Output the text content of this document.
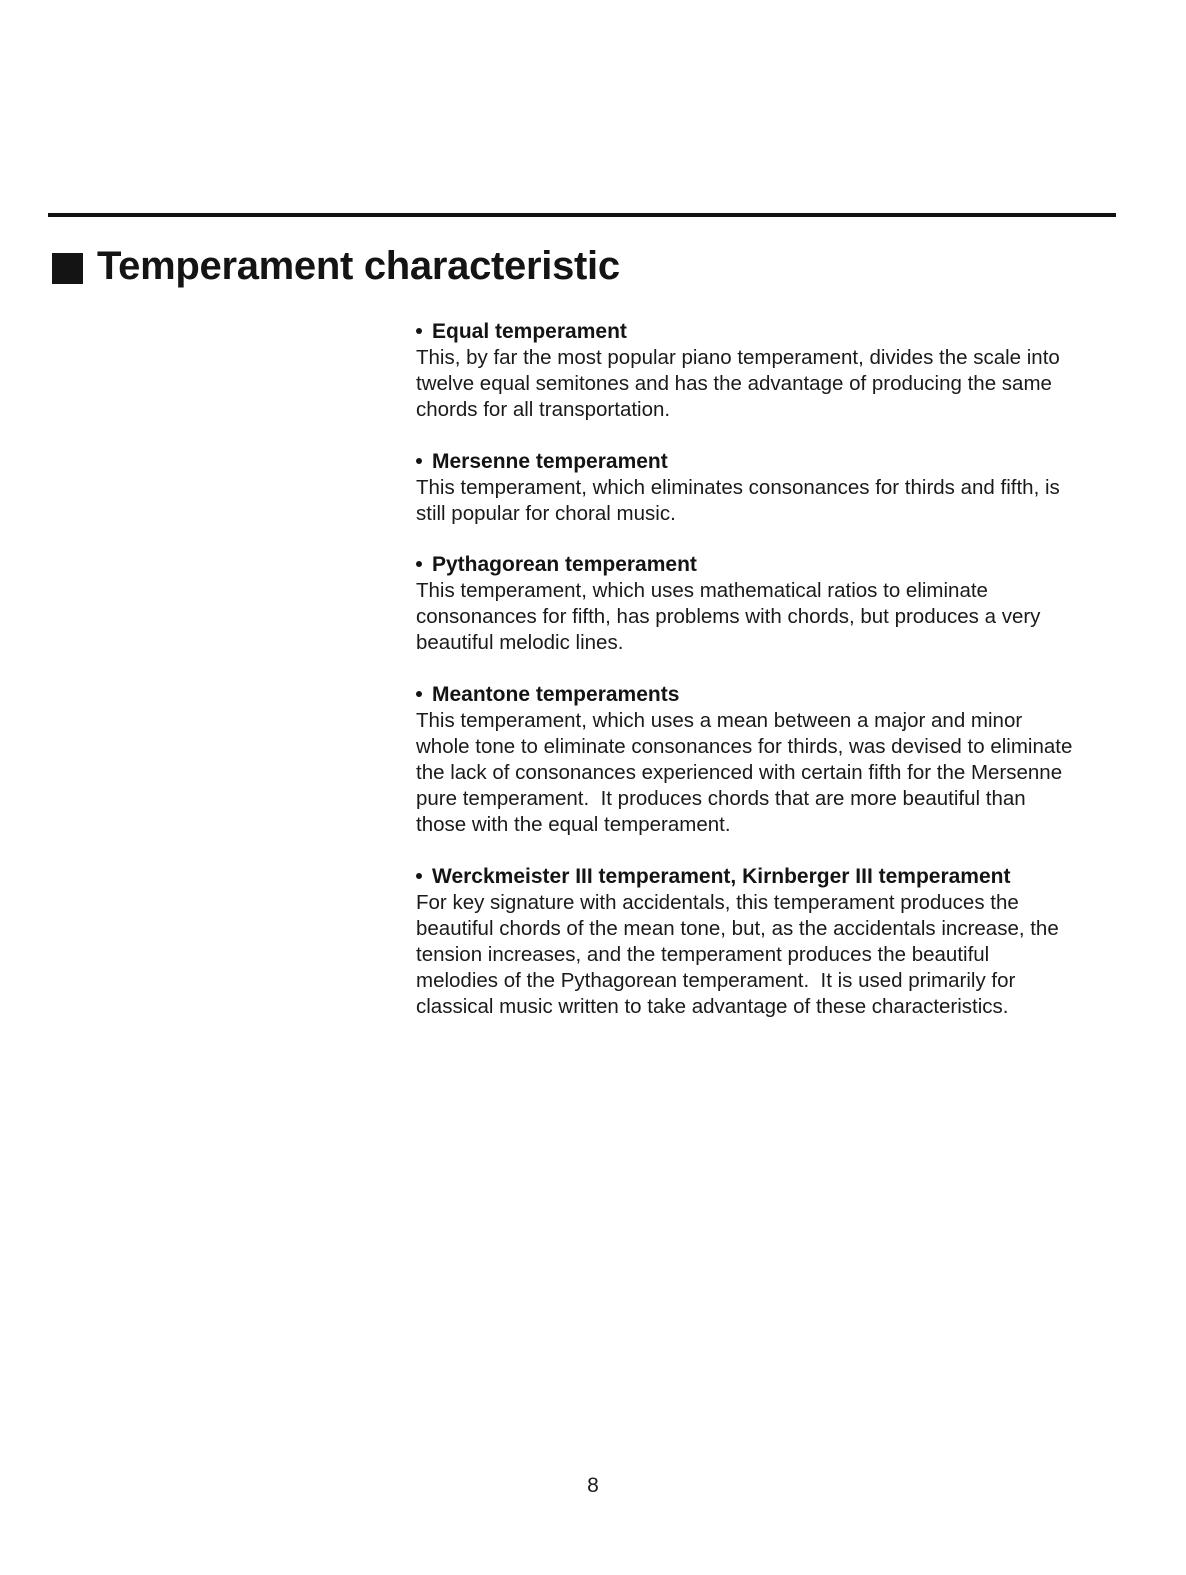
Temperament characteristic
Equal temperament

This, by far the most popular piano temperament, divides the scale into
twelve equal semitones and has the advantage of producing the same
chords for all transportation.

Mersenne temperament

This temperament, which eliminates consonances for thirds and fifth, is
still popular for choral music.

Pythagorean temperament

This temperament, which uses mathematical ratios to eliminate
consonances for fifth, has problems with chords, but produces a very
beautiful melodic lines.

Meantone temperaments

This temperament, which uses a mean between a major and minor
whole tone to eliminate consonances for thirds, was devised to eliminate
the lack of consonances experienced with certain fifth for the Mersenne
pure temperament.  It produces chords that are more beautiful than
those with the equal temperament.

Werckmeister III temperament, Kirnberger III temperament

For key signature with accidentals, this temperament produces the
beautiful chords of the mean tone, but, as the accidentals increase, the
tension increases, and the temperament produces the beautiful
melodies of the Pythagorean temperament.  It is used primarily for
classical music written to take advantage of these characteristics.

8
